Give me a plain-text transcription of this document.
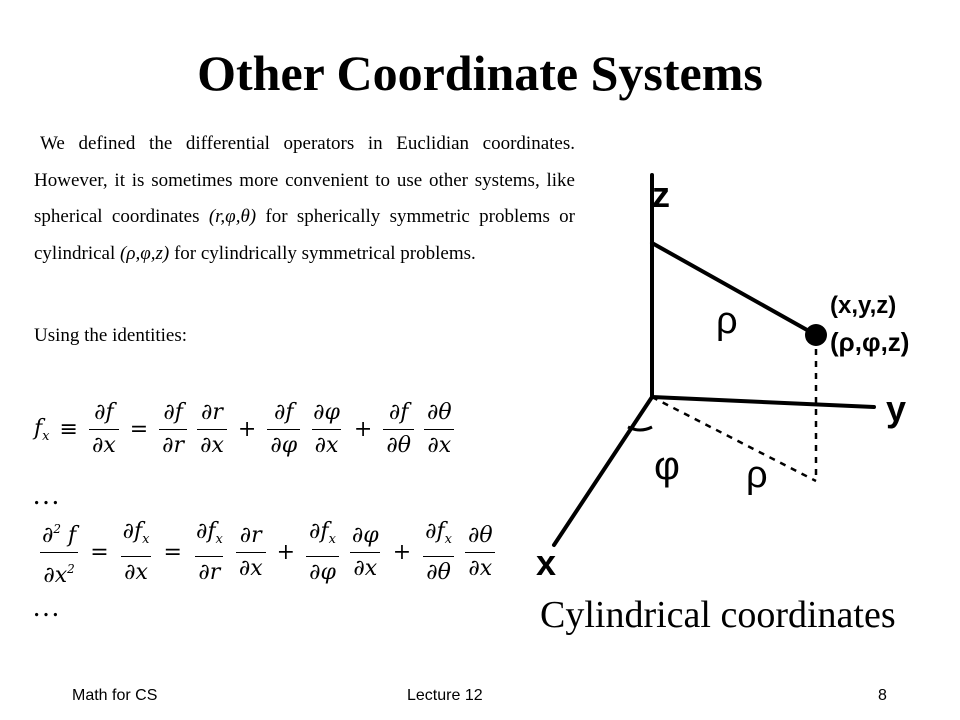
Other Coordinate Systems

We defined the differential operators in Euclidian coordinates. However, it is sometimes more convenient to use other systems, like spherical coordinates (r,φ,θ) for spherically symmetric problems or cylindrical (ρ,φ,z) for cylindrically symmetrical problems.

Using the identities:

$f_x \equiv \frac{\partial f}{\partial x} = \frac{\partial f}{\partial r} \frac{\partial r}{\partial x} + \frac{\partial f}{\partial\varphi} \frac{\partial\varphi}{\partial x} + \frac{\partial f}{\partial\theta} \frac{\partial\theta}{\partial x}$
…
$\frac{\partial^2 f}{\partial x^2} = \frac{\partial f_x}{\partial x} = \frac{\partial f_x}{\partial r} \frac{\partial r}{\partial x} + \frac{\partial f_x}{\partial\varphi} \frac{\partial\varphi}{\partial x} + \frac{\partial f_x}{\partial\theta} \frac{\partial\theta}{\partial x}$
…
z
y
x
ρ
φ ρ
(x,y,z)
(ρ,φ,z)

Cylindrical coordinates

Math for CS	Lecture 12	8
